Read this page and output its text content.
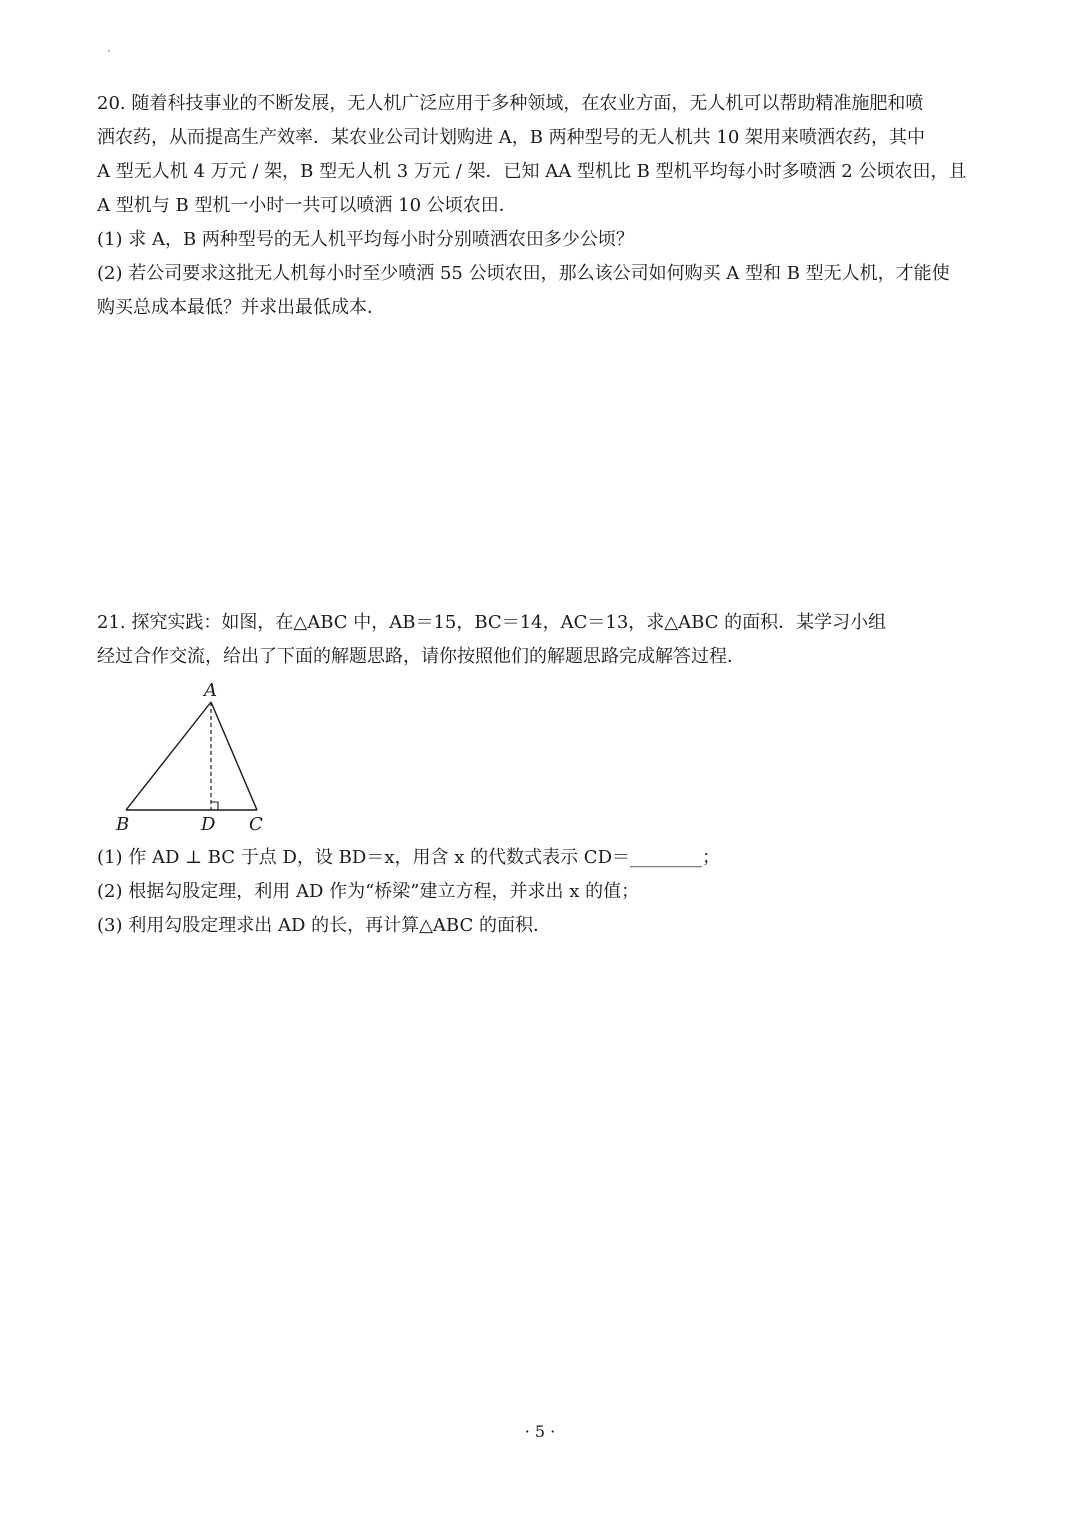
20. 随着科技事业的不断发展，无人机广泛应用于多种领域，在农业方面，无人机可以帮助精准施肥和喷

洒农药，从而提高生产效率．某农业公司计划购进 A，B 两种型号的无人机共 10 架用来喷洒农药，其中

A 型无人机 4 万元 / 架，B 型无人机 3 万元 / 架．已知 AA 型机比 B 型机平均每小时多喷洒 2 公顷农田，且

A 型机与 B 型机一小时一共可以喷洒 10 公顷农田．

(1) 求 A，B 两种型号的无人机平均每小时分别喷洒农田多少公顷？

(2) 若公司要求这批无人机每小时至少喷洒 55 公顷农田，那么该公司如何购买 A 型和 B 型无人机，才能使

购买总成本最低？并求出最低成本．

21. 探究实践：如图，在△ABC 中，AB＝15，BC＝14，AC＝13，求△ABC 的面积．某学习小组

经过合作交流，给出了下面的解题思路，请你按照他们的解题思路完成解答过程．

A
B	D C

(1) 作 AD ⊥ BC 于点 D，设 BD＝x，用含 x 的代数式表示 CD＝________；

(2) 根据勾股定理，利用 AD 作为“桥梁”建立方程，并求出 x 的值；

(3) 利用勾股定理求出 AD 的长，再计算△ABC 的面积．

· 5 ·
